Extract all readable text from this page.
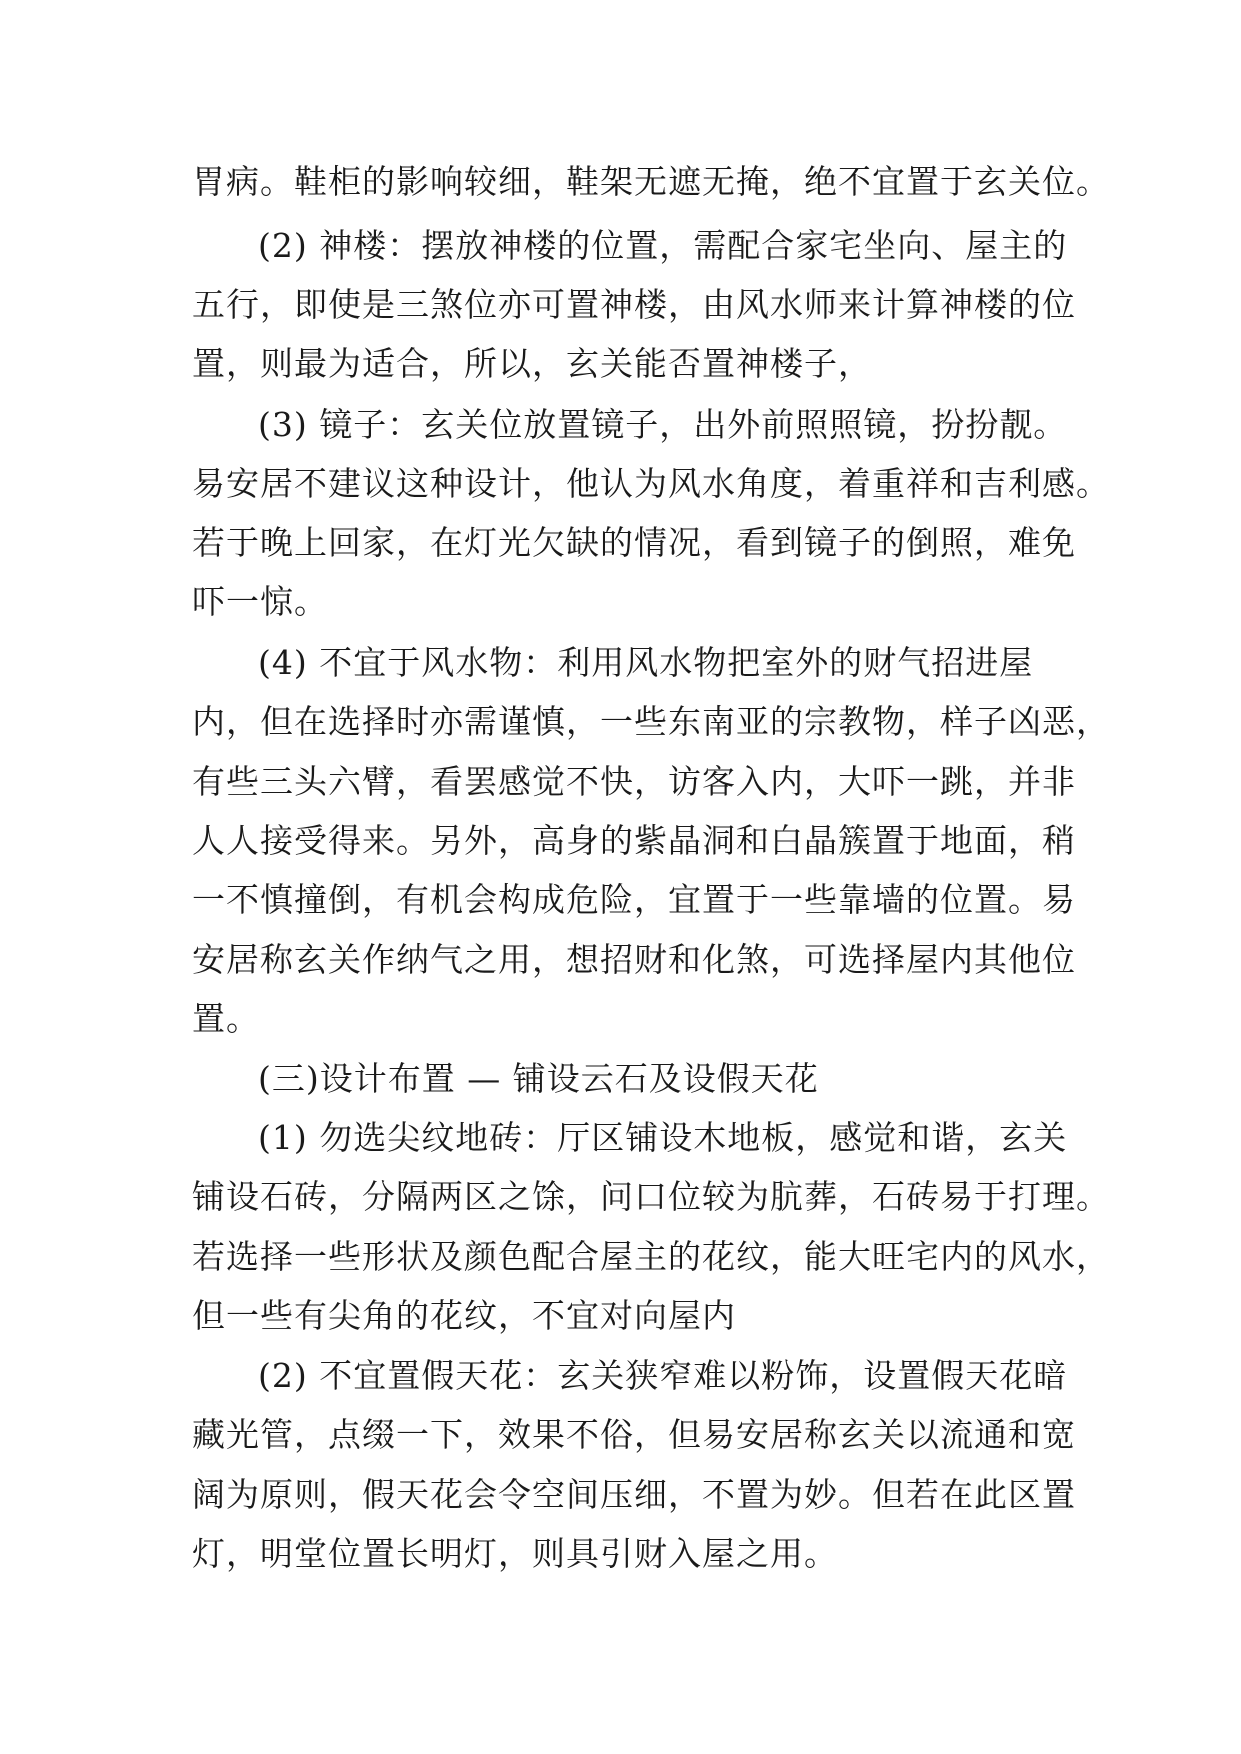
胃病。鞋柜的影响较细，鞋架无遮无掩，绝不宜置于玄关位。
(2) 神楼：摆放神楼的位置，需配合家宅坐向、屋主的
五行，即使是三煞位亦可置神楼，由风水师来计算神楼的位
置，则最为适合，所以，玄关能否置神楼子，
(3) 镜子：玄关位放置镜子，出外前照照镜，扮扮靓。
易安居不建议这种设计，他认为风水角度，着重祥和吉利感。
若于晚上回家，在灯光欠缺的情况，看到镜子的倒照，难免
吓一惊。
(4) 不宜于风水物：利用风水物把室外的财气招进屋
内，但在选择时亦需谨慎，一些东南亚的宗教物，样子凶恶，
有些三头六臂，看罢感觉不快，访客入内，大吓一跳，并非
人人接受得来。另外，高身的紫晶洞和白晶簇置于地面，稍
一不慎撞倒，有机会构成危险，宜置于一些靠墙的位置。易
安居称玄关作纳气之用，想招财和化煞，可选择屋内其他位
置。
(三)设计布置 — 铺设云石及设假天花
(1) 勿选尖纹地砖：厅区铺设木地板，感觉和谐，玄关
铺设石砖，分隔两区之馀，问口位较为肮葬，石砖易于打理。
若选择一些形状及颜色配合屋主的花纹，能大旺宅内的风水，
但一些有尖角的花纹，不宜对向屋内
(2) 不宜置假天花：玄关狭窄难以粉饰，设置假天花暗
藏光管，点缀一下，效果不俗，但易安居称玄关以流通和宽
阔为原则，假天花会令空间压细，不置为妙。但若在此区置
灯，明堂位置长明灯，则具引财入屋之用。
